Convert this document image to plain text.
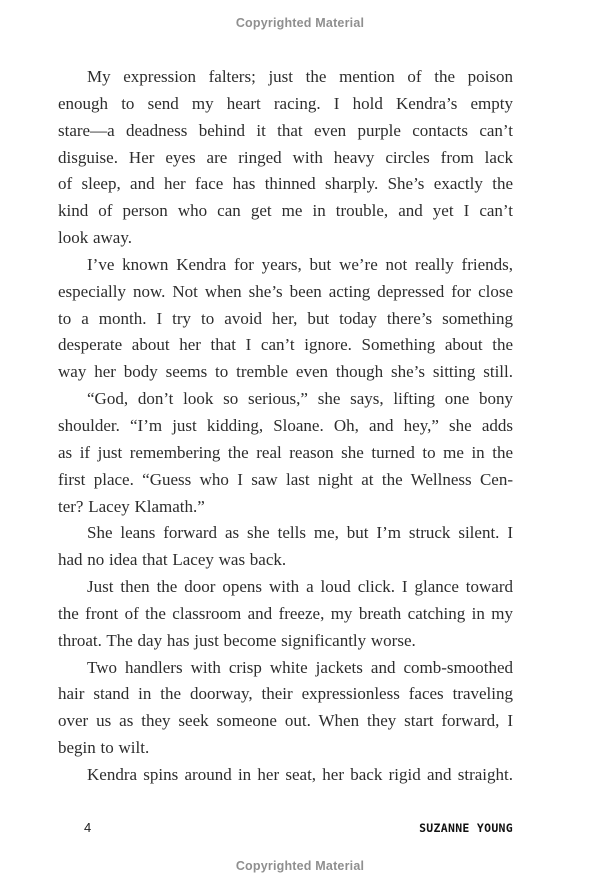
Copyrighted Material
My expression falters; just the mention of the poison
enough to send my heart racing. I hold Kendra’s empty
stare—a deadness behind it that even purple contacts can’t
disguise. Her eyes are ringed with heavy circles from lack
of sleep, and her face has thinned sharply. She’s exactly the
kind of person who can get me in trouble, and yet I can’t
look away.
I’ve known Kendra for years, but we’re not really friends,
especially now. Not when she’s been acting depressed for close
to a month. I try to avoid her, but today there’s something
desperate about her that I can’t ignore. Something about the
way her body seems to tremble even though she’s sitting still.
“God, don’t look so serious,” she says, lifting one bony
shoulder. “I’m just kidding, Sloane. Oh, and hey,” she adds
as if just remembering the real reason she turned to me in the
first place. “Guess who I saw last night at the Wellness Cen-
ter? Lacey Klamath.”
She leans forward as she tells me, but I’m struck silent. I
had no idea that Lacey was back.
Just then the door opens with a loud click. I glance toward
the front of the classroom and freeze, my breath catching in my
throat. The day has just become significantly worse.
Two handlers with crisp white jackets and comb-smoothed
hair stand in the doorway, their expressionless faces traveling
over us as they seek someone out. When they start forward, I
begin to wilt.
Kendra spins around in her seat, her back rigid and straight.
4	SUZANNE YOUNG
Copyrighted Material
